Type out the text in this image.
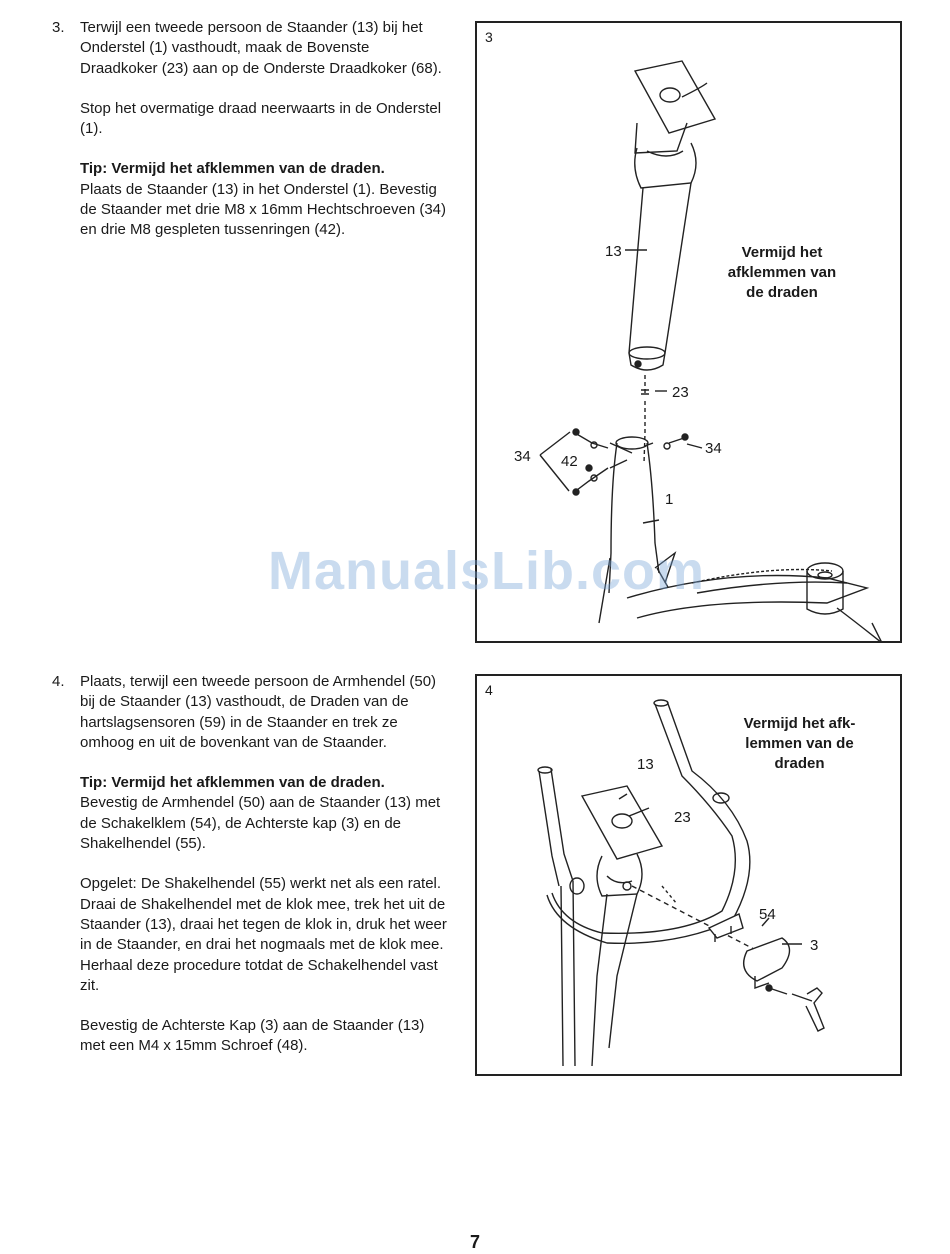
3.	Terwijl een tweede persoon de Staander (13) bij het Onderstel (1) vasthoudt, maak de Bovenste Draadkoker (23) aan op de Onderste Draadkoker (68).

Stop het overmatige draad neerwaarts in de Onderstel (1).

Tip: Vermijd het afklemmen van de draden.
Plaats de Staander (13) in het Onderstel (1). Bevestig de Staander met drie M8 x 16mm Hechtschroeven (34) en drie M8 gespleten tussenringen (42).

3
13
23
34 42
34
1
Vermijd het
afklemmen van
de draden
4.	Plaats, terwijl een tweede persoon de Armhendel (50) bij de Staander (13) vasthoudt, de Draden van de hartslagsensoren (59) in de Staander en trek ze omhoog en uit de bovenkant van de Staander.

Tip: Vermijd het afklemmen van de draden.
Bevestig de Armhendel (50) aan de Staander (13) met de Schakelklem (54), de Achterste kap (3) en de Shakelhendel (55).

Opgelet: De Shakelhendel (55) werkt net als een ratel. Draai de Shakelhendel met de klok mee, trek het uit de Staander (13), draai het tegen de klok in, druk het weer in de Staander, en drai het nogmaals met de klok mee. Herhaal deze procedure totdat de Schakelhendel vast zit.

Bevestig de Achterste Kap (3) aan de Staander (13) met een M4 x 15mm Schroef (48).

4
13
23
54
3
Vermijd het afk-
lemmen van de
draden
ManualsLib.com
7
